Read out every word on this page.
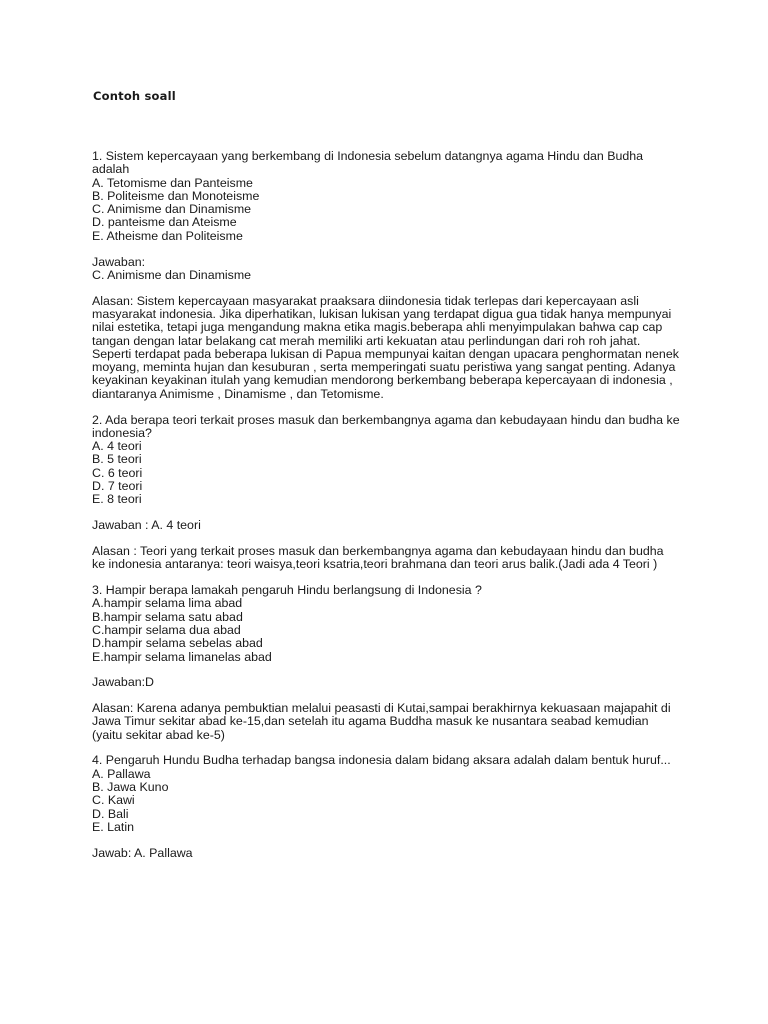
Contoh soall
1. Sistem kepercayaan yang berkembang di Indonesia sebelum datangnya agama Hindu dan Budha
adalah
A. Tetomisme dan Panteisme
B. Politeisme dan Monoteisme
C. Animisme dan Dinamisme
D. panteisme dan Ateisme
E. Atheisme dan Politeisme
Jawaban:
C. Animisme dan Dinamisme
Alasan: Sistem kepercayaan masyarakat praaksara diindonesia tidak terlepas dari kepercayaan asli
masyarakat indonesia. Jika diperhatikan, lukisan lukisan yang terdapat digua gua tidak hanya mempunyai
nilai estetika, tetapi juga mengandung makna etika magis.beberapa ahli menyimpulakan bahwa cap cap
tangan dengan latar belakang cat merah memiliki arti kekuatan atau perlindungan dari roh roh jahat.
Seperti terdapat pada beberapa lukisan di Papua mempunyai kaitan dengan upacara penghormatan nenek
moyang, meminta hujan dan kesuburan , serta memperingati suatu peristiwa yang sangat penting. Adanya
keyakinan keyakinan itulah yang kemudian mendorong berkembang beberapa kepercayaan di indonesia ,
diantaranya Animisme , Dinamisme , dan Tetomisme.
2. Ada berapa teori terkait proses masuk dan berkembangnya agama dan kebudayaan hindu dan budha ke
indonesia?
A. 4 teori
B. 5 teori
C. 6 teori
D. 7 teori
E. 8 teori
Jawaban : A. 4 teori
Alasan : Teori yang terkait proses masuk dan berkembangnya agama dan kebudayaan hindu dan budha
ke indonesia antaranya: teori waisya,teori ksatria,teori brahmana dan teori arus balik.(Jadi ada 4 Teori )
3. Hampir berapa lamakah pengaruh Hindu berlangsung di Indonesia ?
A.hampir selama lima abad
B.hampir selama satu abad
C.hampir selama dua abad
D.hampir selama sebelas abad
E.hampir selama limanelas abad
Jawaban:D
Alasan: Karena adanya pembuktian melalui peasasti di Kutai,sampai berakhirnya kekuasaan majapahit di
Jawa Timur sekitar abad ke-15,dan setelah itu agama Buddha masuk ke nusantara seabad kemudian
(yaitu sekitar abad ke-5)
4. Pengaruh Hundu Budha terhadap bangsa indonesia dalam bidang aksara adalah dalam bentuk huruf...
A. Pallawa
B. Jawa Kuno
C. Kawi
D. Bali
E. Latin
Jawab: A. Pallawa
